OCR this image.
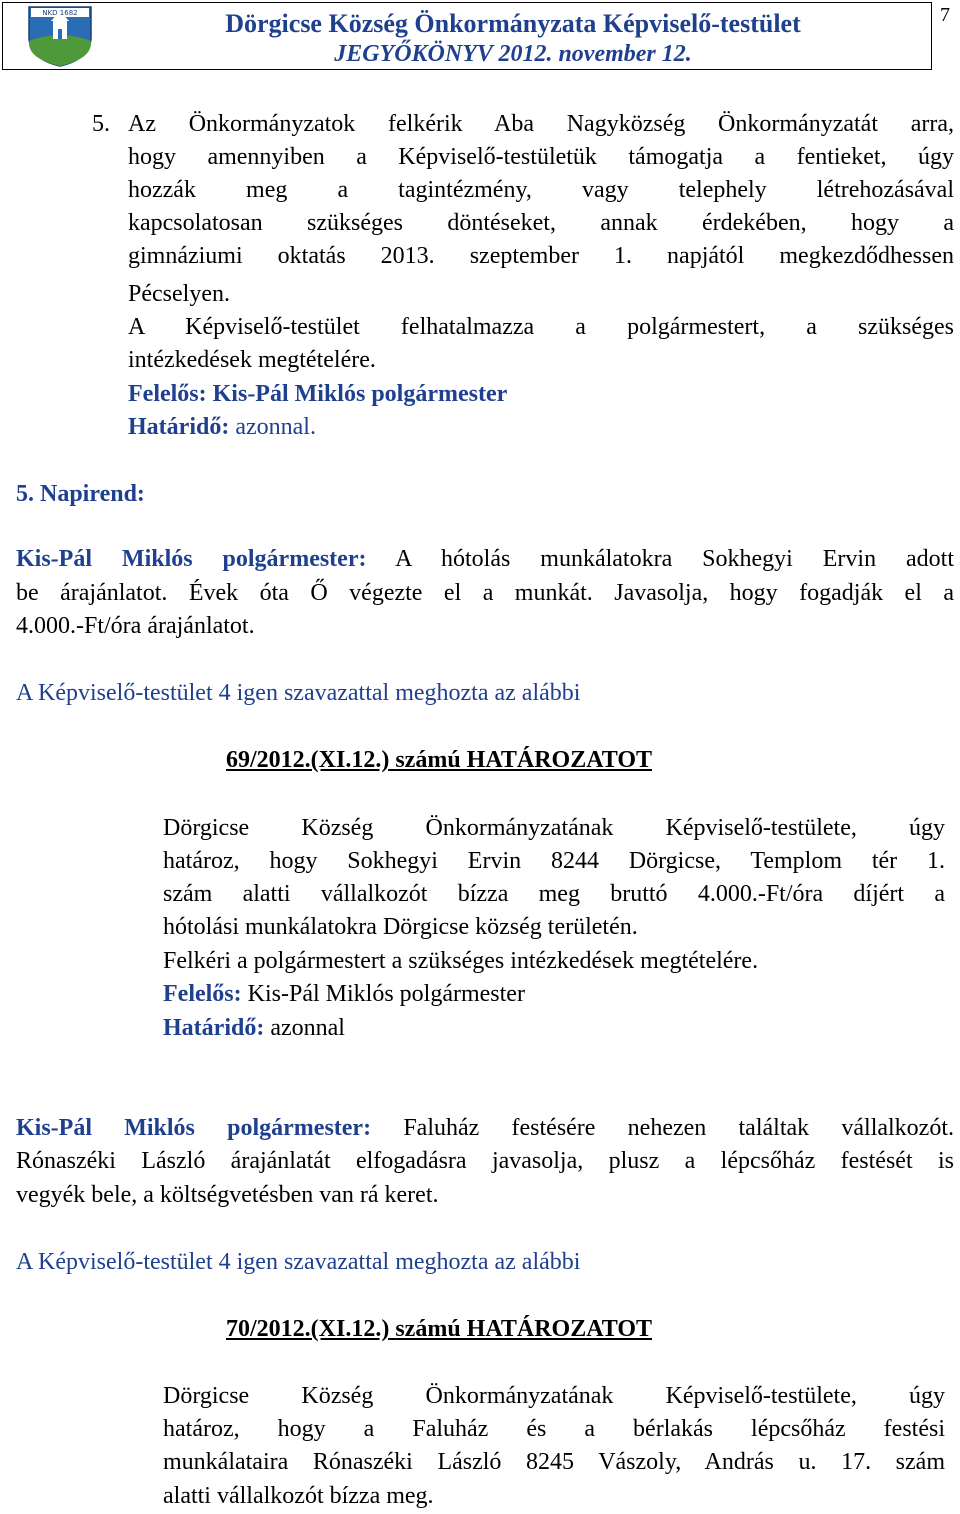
NKD 1682	Dörgicse Község Önkormányzata Képviselő-testület
JEGYŐKÖNYV 2012. november 12.
7
5. Az Önkormányzatok felkérik Aba Nagyközség Önkormányzatát arra,
hogy amennyiben a Képviselő-testületük támogatja a fentieket, úgy
hozzák meg a tagintézmény, vagy telephely létrehozásával
kapcsolatosan szükséges döntéseket, annak érdekében, hogy a
gimnáziumi oktatás 2013. szeptember 1. napjától megkezdődhessen
Pécselyen.
A Képviselő-testület felhatalmazza a polgármestert, a szükséges
intézkedések megtételére.
Felelős: Kis-Pál Miklós polgármester
Határidő: azonnal.
5. Napirend:
Kis-Pál Miklós polgármester: A hótolás munkálatokra Sokhegyi Ervin adott
be árajánlatot. Évek óta Ő végezte el a munkát. Javasolja, hogy fogadják el a
4.000.-Ft/óra árajánlatot.
A Képviselő-testület 4 igen szavazattal meghozta az alábbi
69/2012.(XI.12.) számú HATÁROZATOT
Dörgicse Község Önkormányzatának Képviselő-testülete, úgy
határoz, hogy Sokhegyi Ervin 8244 Dörgicse, Templom tér 1.
szám alatti vállalkozót bízza meg bruttó 4.000.-Ft/óra díjért a
hótolási munkálatokra Dörgicse község területén.
Felkéri a polgármestert a szükséges intézkedések megtételére.
Felelős: Kis-Pál Miklós polgármester
Határidő: azonnal
Kis-Pál Miklós polgármester: Faluház festésére nehezen találtak vállalkozót.
Rónaszéki László árajánlatát elfogadásra javasolja, plusz a lépcsőház festését is
vegyék bele, a költségvetésben van rá keret.
A Képviselő-testület 4 igen szavazattal meghozta az alábbi
70/2012.(XI.12.) számú HATÁROZATOT
Dörgicse Község Önkormányzatának Képviselő-testülete, úgy
határoz, hogy a Faluház és a bérlakás lépcsőház festési
munkálataira Rónaszéki László 8245 Vászoly, András u. 17. szám
alatti vállalkozót bízza meg.
